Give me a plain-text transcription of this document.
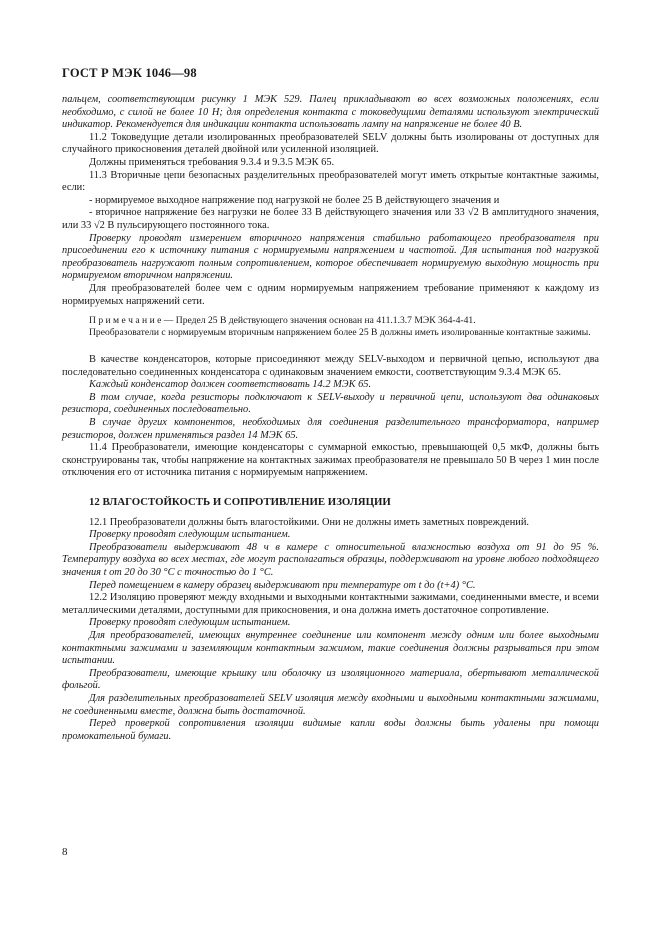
ГОСТ Р МЭК 1046—98

пальцем, соответствующим рисунку 1 МЭК 529. Палец прикладывают во всех возможных положениях, если необходимо, с силой не более 10 Н; для определения контакта с токоведущими деталями используют электрический индикатор. Рекомендуется для индикации контакта использовать лампу на напряжение не более 40 В.

11.2 Токоведущие детали изолированных преобразователей SELV должны быть изолированы от доступных для случайного прикосновения деталей двойной или усиленной изоляцией.

Должны применяться требования 9.3.4 и 9.3.5 МЭК 65.

11.3 Вторичные цепи безопасных разделительных преобразователей могут иметь открытые контактные зажимы, если:

- нормируемое выходное напряжение под нагрузкой не более 25 В действующего значения и

- вторичное напряжение без нагрузки не более 33 В действующего значения или 33 √2 В амплитудного значения, или 33 √2 В пульсирующего постоянного тока.

Проверку проводят измерением вторичного напряжения стабильно работающего преобразователя при присоединении его к источнику питания с нормируемыми напряжением и частотой. Для испытания под нагрузкой преобразователь нагружают полным сопротивлением, которое обеспечивает нормируемую выходную мощность при нормируемом вторичном напряжении.

Для преобразователей более чем с одним нормируемым напряжением требование применяют к каждому из нормируемых напряжений сети.

П р и м е ч а н и е — Предел 25 В действующего значения основан на 411.1.3.7 МЭК 364-4-41.

Преобразователи с нормируемым вторичным напряжением более 25 В должны иметь изолированные контактные зажимы.

В качестве конденсаторов, которые присоединяют между SELV-выходом и первичной цепью, используют два последовательно соединенных конденсатора с одинаковым значением емкости, соответствующим 9.3.4 МЭК 65.

Каждый конденсатор должен соответствовать 14.2 МЭК 65.

В том случае, когда резисторы подключают к SELV-выходу и первичной цепи, используют два одинаковых резистора, соединенных последовательно.

В случае других компонентов, необходимых для соединения разделительного трансформатора, например резисторов, должен применяться раздел 14 МЭК 65.

11.4 Преобразователи, имеющие конденсаторы с суммарной емкостью, превышающей 0,5 мкФ, должны быть сконструированы так, чтобы напряжение на контактных зажимах преобразователя не превышало 50 В через 1 мин после отключения его от источника питания с нормируемым напряжением.

12 ВЛАГОСТОЙКОСТЬ И СОПРОТИВЛЕНИЕ ИЗОЛЯЦИИ

12.1 Преобразователи должны быть влагостойкими. Они не должны иметь заметных повреждений.

Проверку проводят следующим испытанием.

Преобразователи выдерживают 48 ч в камере с относительной влажностью воздуха от 91 до 95 %. Температуру воздуха во всех местах, где могут располагаться образцы, поддерживают на уровне любого подходящего значения t от 20 до 30 °С с точностью до 1 °С.

Перед помещением в камеру образец выдерживают при температуре от t до (t+4) °С.

12.2 Изоляцию проверяют между входными и выходными контактными зажимами, соединенными вместе, и всеми металлическими деталями, доступными для прикосновения, и она должна иметь достаточное сопротивление.

Проверку проводят следующим испытанием.

Для преобразователей, имеющих внутреннее соединение или компонент между одним или более выходными контактными зажимами и заземляющим контактным зажимом, такие соединения должны разрываться при этом испытании.

Преобразователи, имеющие крышку или оболочку из изоляционного материала, обертывают металлической фольгой.

Для разделительных преобразователей SELV изоляция между входными и выходными контактными зажимами, не соединенными вместе, должна быть достаточной.

Перед проверкой сопротивления изоляции видимые капли воды должны быть удалены при помощи промокательной бумаги.

8
